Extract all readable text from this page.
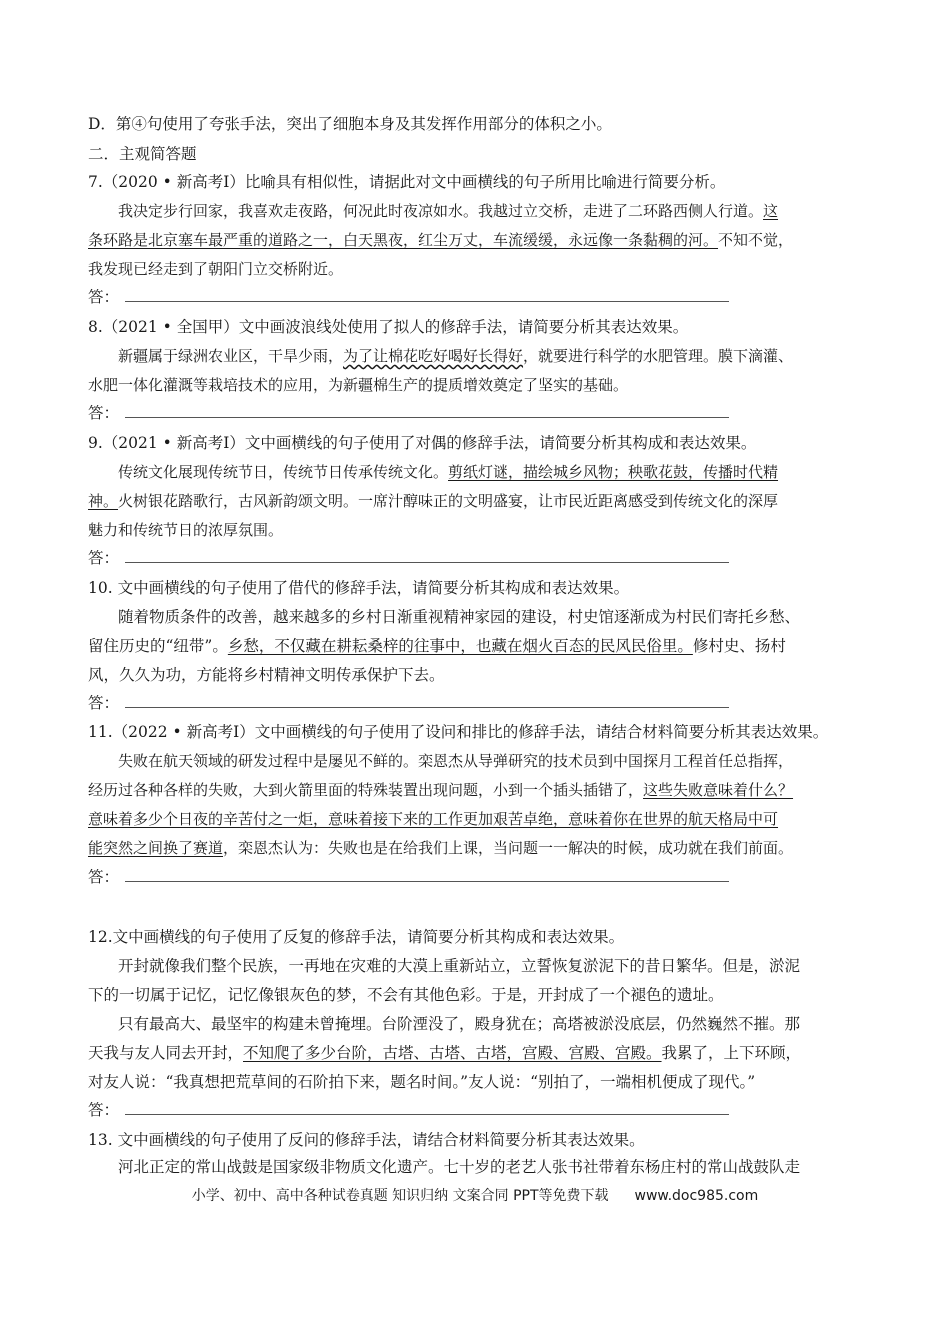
D．第④句使用了夸张手法，突出了细胞本身及其发挥作用部分的体积之小。
二．主观简答题
7.（2020 • 新高考Ⅰ）比喻具有相似性，请据此对文中画横线的句子所用比喻进行简要分析。
我决定步行回家，我喜欢走夜路，何况此时夜凉如水。我越过立交桥，走进了二环路西侧人行道。这
条环路是北京塞车最严重的道路之一，白天黑夜，红尘万丈，车流缓缓，永远像一条黏稠的河。不知不觉，
我发现已经走到了朝阳门立交桥附近。
答：
8.（2021 • 全国甲）文中画波浪线处使用了拟人的修辞手法，请简要分析其表达效果。
新疆属于绿洲农业区，干旱少雨，为了让棉花吃好喝好长得好，就要进行科学的水肥管理。膜下滴灌、
水肥一体化灌溉等栽培技术的应用，为新疆棉生产的提质增效奠定了坚实的基础。
答：
9.（2021 • 新高考Ⅰ）文中画横线的句子使用了对偶的修辞手法，请简要分析其构成和表达效果。
传统文化展现传统节日，传统节日传承传统文化。剪纸灯谜，描绘城乡风物；秧歌花鼓，传播时代精
神。火树银花踏歌行，古风新韵颂文明。一席汁醇味正的文明盛宴，让市民近距离感受到传统文化的深厚
魅力和传统节日的浓厚氛围。
答：
10. 文中画横线的句子使用了借代的修辞手法，请简要分析其构成和表达效果。
随着物质条件的改善，越来越多的乡村日渐重视精神家园的建设，村史馆逐渐成为村民们寄托乡愁、
留住历史的“纽带”。乡愁，不仅藏在耕耘桑梓的往事中，也藏在烟火百态的民风民俗里。修村史、扬村
风，久久为功，方能将乡村精神文明传承保护下去。
答：
11.（2022 • 新高考Ⅰ）文中画横线的句子使用了设问和排比的修辞手法，请结合材料简要分析其表达效果。
失败在航天领域的研发过程中是屡见不鲜的。栾恩杰从导弹研究的技术员到中国探月工程首任总指挥，
经历过各种各样的失败，大到火箭里面的特殊装置出现问题，小到一个插头插错了，这些失败意味着什么？
意味着多少个日夜的辛苦付之一炬，意味着接下来的工作更加艰苦卓绝，意味着你在世界的航天格局中可
能突然之间换了赛道，栾恩杰认为：失败也是在给我们上课，当问题一一解决的时候，成功就在我们前面。
答：
12.文中画横线的句子使用了反复的修辞手法，请简要分析其构成和表达效果。
开封就像我们整个民族，一再地在灾难的大漠上重新站立，立誓恢复淤泥下的昔日繁华。但是，淤泥
下的一切属于记忆，记忆像银灰色的梦，不会有其他色彩。于是，开封成了一个褪色的遗址。
只有最高大、最坚牢的构建未曾掩埋。台阶湮没了，殿身犹在；高塔被淤没底层，仍然巍然不摧。那
天我与友人同去开封，不知爬了多少台阶，古塔、古塔、古塔，宫殿、宫殿、宫殿。我累了，上下环顾，
对友人说：“我真想把荒草间的石阶拍下来，题名时间。”友人说：“别拍了，一端相机便成了现代。”
答：
13. 文中画横线的句子使用了反问的修辞手法，请结合材料简要分析其表达效果。
河北正定的常山战鼓是国家级非物质文化遗产。七十岁的老艺人张书社带着东杨庄村的常山战鼓队走
小学、初中、高中各种试卷真题 知识归纳 文案合同 PPT等免费下载 www.doc985.com
